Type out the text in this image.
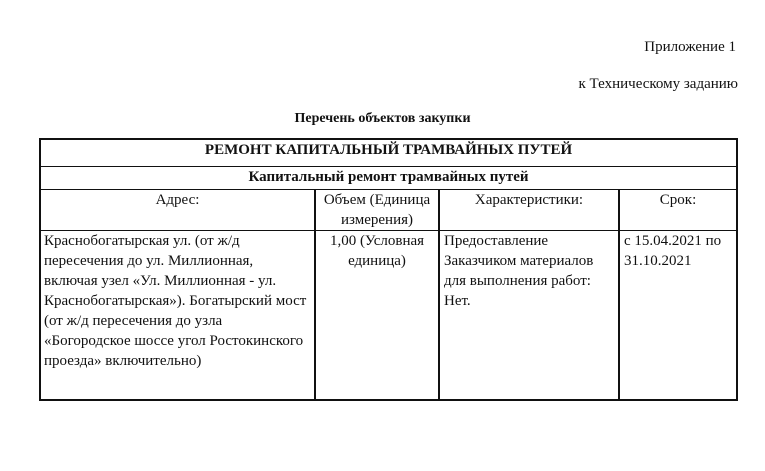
Приложение 1
к Техническому заданию
Перечень объектов закупки
РЕМОНТ КАПИТАЛЬНЫЙ ТРАМВАЙНЫХ ПУТЕЙ			
Капитальный ремонт трамвайных путей			
Адрес:	Объем (Единица измерения)	Характеристики:	Срок:
Краснобогатырская ул. (от ж/д пересечения до ул. Миллионная, включая узел «Ул. Миллионная - ул. Краснобогатырская»). Богатырский мост (от ж/д пересечения до узла «Богородское шоссе угол Ростокинского проезда» включительно)	1,00 (Условная единица)	Предоставление Заказчиком материалов для выполнения работ: Нет.	с 15.04.2021 по 31.10.2021
